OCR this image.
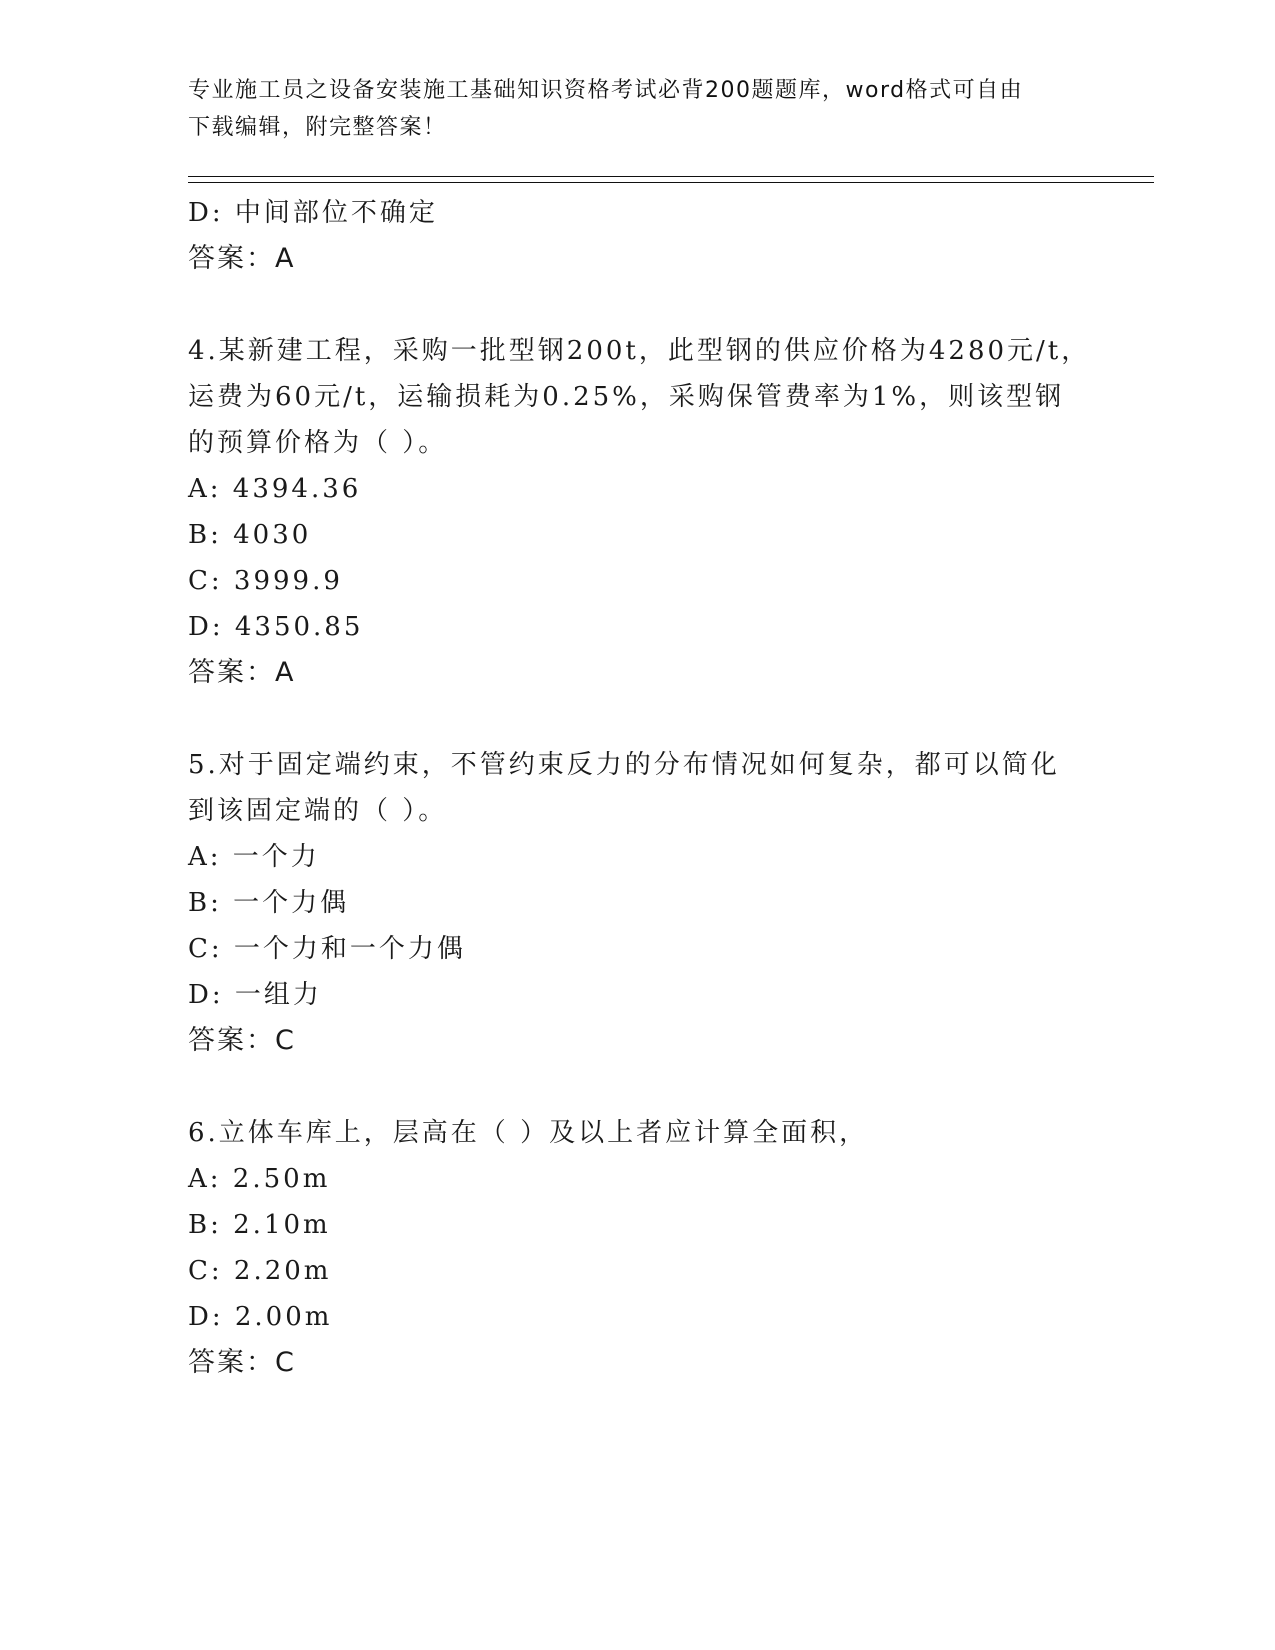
专业施工员之设备安装施工基础知识资格考试必背200题题库，word格式可自由
下载编辑，附完整答案！
D: 中间部位不确定
答案：A
4.某新建工程，采购一批型钢200t，此型钢的供应价格为4280元/t，
运费为60元/t，运输损耗为0.25%，采购保管费率为1%，则该型钢
的预算价格为（ ）。
A: 4394.36
B: 4030
C: 3999.9
D: 4350.85
答案：A
5.对于固定端约束，不管约束反力的分布情况如何复杂，都可以简化
到该固定端的（ ）。
A: 一个力
B: 一个力偶
C: 一个力和一个力偶
D: 一组力
答案：C
6.立体车库上，层高在（ ）及以上者应计算全面积，
A: 2.50m
B: 2.10m
C: 2.20m
D: 2.00m
答案：C
